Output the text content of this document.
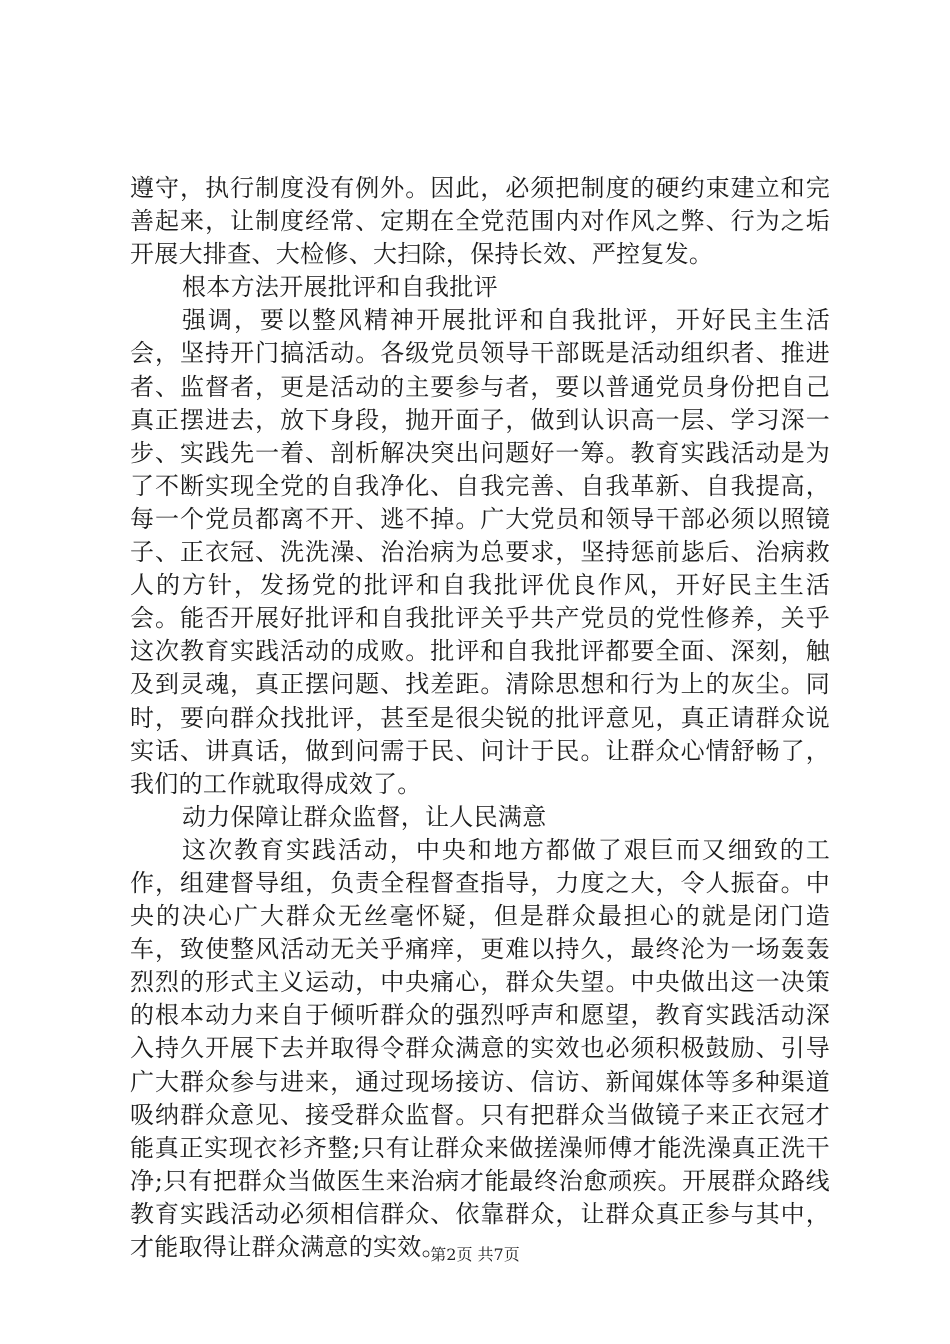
遵守，执行制度没有例外。因此，必须把制度的硬约束建立和完善起来，让制度经常、定期在全党范围内对作风之弊、行为之垢开展大排查、大检修、大扫除，保持长效、严控复发。

根本方法开展批评和自我批评

强调，要以整风精神开展批评和自我批评，开好民主生活会，坚持开门搞活动。各级党员领导干部既是活动组织者、推进者、监督者，更是活动的主要参与者，要以普通党员身份把自己真正摆进去，放下身段，抛开面子，做到认识高一层、学习深一步、实践先一着、剖析解决突出问题好一筹。教育实践活动是为了不断实现全党的自我净化、自我完善、自我革新、自我提高，每一个党员都离不开、逃不掉。广大党员和领导干部必须以照镜子、正衣冠、洗洗澡、治治病为总要求，坚持惩前毖后、治病救人的方针，发扬党的批评和自我批评优良作风，开好民主生活会。能否开展好批评和自我批评关乎共产党员的党性修养，关乎这次教育实践活动的成败。批评和自我批评都要全面、深刻，触及到灵魂，真正摆问题、找差距。清除思想和行为上的灰尘。同时，要向群众找批评，甚至是很尖锐的批评意见，真正请群众说实话、讲真话，做到问需于民、问计于民。让群众心情舒畅了，我们的工作就取得成效了。

动力保障让群众监督，让人民满意

这次教育实践活动，中央和地方都做了艰巨而又细致的工作，组建督导组，负责全程督查指导，力度之大，令人振奋。中央的决心广大群众无丝毫怀疑，但是群众最担心的就是闭门造车，致使整风活动无关乎痛痒，更难以持久，最终沦为一场轰轰烈烈的形式主义运动，中央痛心，群众失望。中央做出这一决策的根本动力来自于倾听群众的强烈呼声和愿望，教育实践活动深入持久开展下去并取得令群众满意的实效也必须积极鼓励、引导广大群众参与进来，通过现场接访、信访、新闻媒体等多种渠道吸纳群众意见、接受群众监督。只有把群众当做镜子来正衣冠才能真正实现衣衫齐整;只有让群众来做搓澡师傅才能洗澡真正洗干净;只有把群众当做医生来治病才能最终治愈顽疾。开展群众路线教育实践活动必须相信群众、依靠群众，让群众真正参与其中，才能取得让群众满意的实效。

第2页 共7页
